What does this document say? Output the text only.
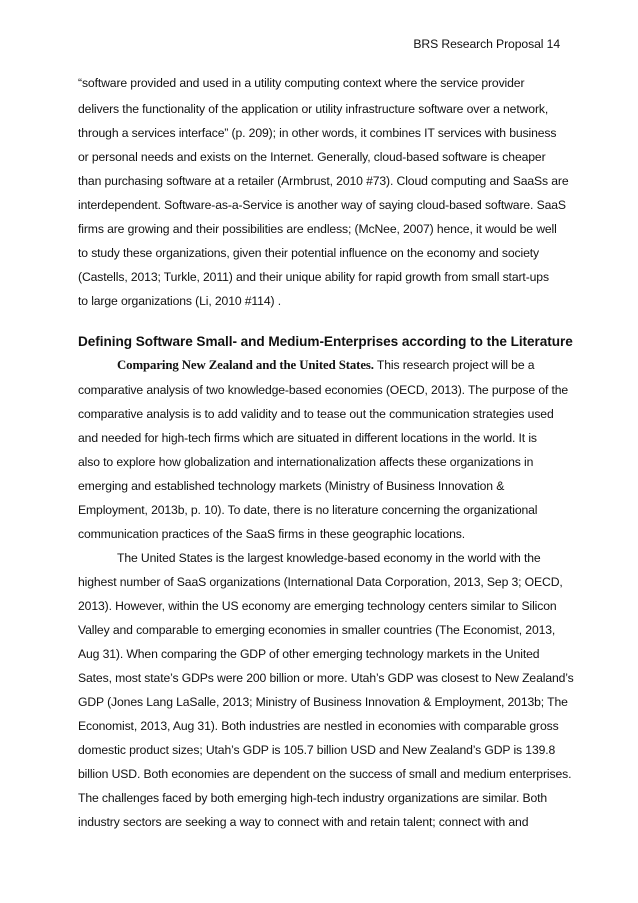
BRS Research Proposal 14
“software provided and used in a utility computing context where the service provider
delivers the functionality of the application or utility infrastructure software over a network,
through a services interface” (p. 209); in other words, it combines IT services with business
or personal needs and exists on the Internet. Generally, cloud-based software is cheaper
than purchasing software at a retailer (Armbrust, 2010 #73). Cloud computing and SaaSs are
interdependent. Software-as-a-Service is another way of saying cloud-based software. SaaS
firms are growing and their possibilities are endless; (McNee, 2007) hence, it would be well
to study these organizations, given their potential influence on the economy and society
(Castells, 2013; Turkle, 2011) and their unique ability for rapid growth from small start-ups
to large organizations (Li, 2010 #114) .
Defining Software Small- and Medium-Enterprises according to the Literature
Comparing New Zealand and the United States. This research project will be a
comparative analysis of two knowledge-based economies (OECD, 2013). The purpose of the
comparative analysis is to add validity and to tease out the communication strategies used
and needed for high-tech firms which are situated in different locations in the world. It is
also to explore how globalization and internationalization affects these organizations in
emerging and established technology markets (Ministry of Business Innovation &
Employment, 2013b, p. 10). To date, there is no literature concerning the organizational
communication practices of the SaaS firms in these geographic locations.
The United States is the largest knowledge-based economy in the world with the
highest number of SaaS organizations (International Data Corporation, 2013, Sep 3; OECD,
2013). However, within the US economy are emerging technology centers similar to Silicon
Valley and comparable to emerging economies in smaller countries (The Economist, 2013,
Aug 31). When comparing the GDP of other emerging technology markets in the United
Sates, most state’s GDPs were 200 billion or more. Utah’s GDP was closest to New Zealand’s
GDP (Jones Lang LaSalle, 2013; Ministry of Business Innovation & Employment, 2013b; The
Economist, 2013, Aug 31). Both industries are nestled in economies with comparable gross
domestic product sizes; Utah’s GDP is 105.7 billion USD and New Zealand’s GDP is 139.8
billion USD. Both economies are dependent on the success of small and medium enterprises.
The challenges faced by both emerging high-tech industry organizations are similar. Both
industry sectors are seeking a way to connect with and retain talent; connect with and
